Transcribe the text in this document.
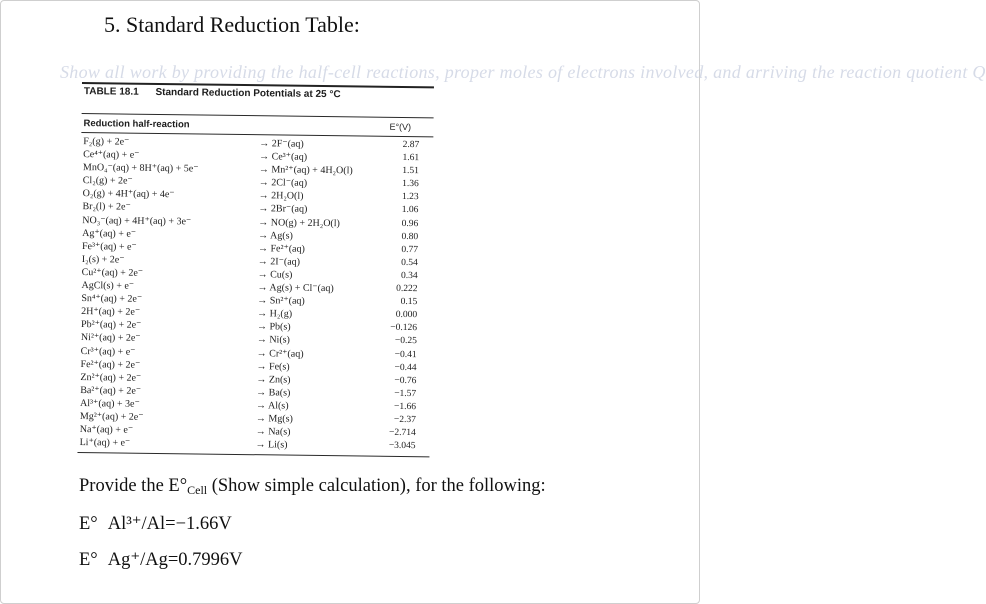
5. Standard Reduction Table:
Show all work by providing the half-cell reactions, proper moles of electrons involved, and arriving the reaction quotient Q
TABLE 18.1 Standard Reduction Potentials at 25 °C
Reduction half-reaction	E°(V)
F₂(g) + 2e⁻	→ 2F⁻(aq)	2.87
Ce⁴⁺(aq) + e⁻	→ Ce³⁺(aq)	1.61
MnO₄⁻(aq) + 8H⁺(aq) + 5e⁻	→ Mn²⁺(aq) + 4H₂O(l)	1.51
Cl₂(g) + 2e⁻	→ 2Cl⁻(aq)	1.36
O₂(g) + 4H⁺(aq) + 4e⁻	→ 2H₂O(l)	1.23
Br₂(l) + 2e⁻	→ 2Br⁻(aq)	1.06
NO₃⁻(aq) + 4H⁺(aq) + 3e⁻	→ NO(g) + 2H₂O(l)	0.96
Ag⁺(aq) + e⁻	→ Ag(s)	0.80
Fe³⁺(aq) + e⁻	→ Fe²⁺(aq)	0.77
I₂(s) + 2e⁻	→ 2I⁻(aq)	0.54
Cu²⁺(aq) + 2e⁻	→ Cu(s)	0.34
AgCl(s) + e⁻	→ Ag(s) + Cl⁻(aq)	0.222
Sn⁴⁺(aq) + 2e⁻	→ Sn²⁺(aq)	0.15
2H⁺(aq) + 2e⁻	→ H₂(g)	0.000
Pb²⁺(aq) + 2e⁻	→ Pb(s)	−0.126
Ni²⁺(aq) + 2e⁻	→ Ni(s)	−0.25
Cr³⁺(aq) + e⁻	→ Cr²⁺(aq)	−0.41
Fe²⁺(aq) + 2e⁻	→ Fe(s)	−0.44
Zn²⁺(aq) + 2e⁻	→ Zn(s)	−0.76
Ba²⁺(aq) + 2e⁻	→ Ba(s)	−1.57
Al³⁺(aq) + 3e⁻	→ Al(s)	−1.66
Mg²⁺(aq) + 2e⁻	→ Mg(s)	−2.37
Na⁺(aq) + e⁻	→ Na(s)	−2.714
Li⁺(aq) + e⁻	→ Li(s)	−3.045
Provide the $E^\circ_{Cell}$ (Show simple calculation), for the following:
E° Al³⁺/Al=−1.66V
E° Ag⁺/Ag=0.7996V
